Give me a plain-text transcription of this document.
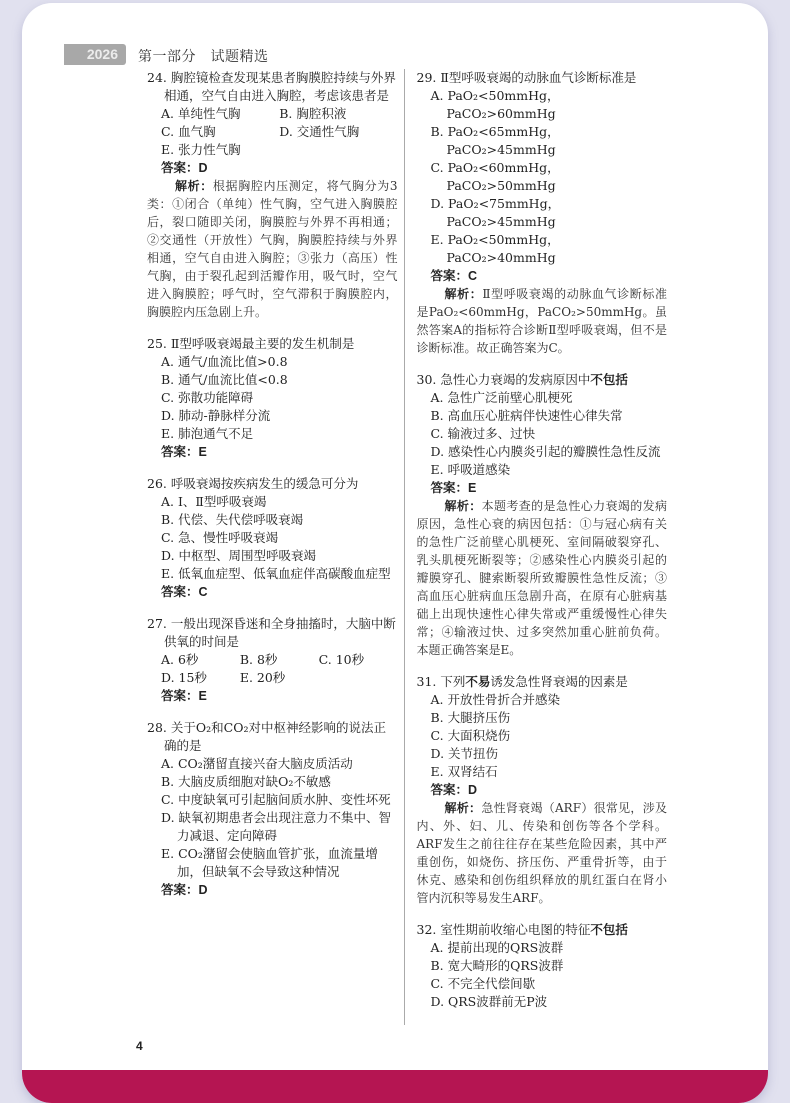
2026	第一部分　试题精选
24. 胸腔镜检查发现某患者胸膜腔持续与外界相通，空气自由进入胸腔，考虑该患者是
A. 单纯性气胸	B. 胸腔积液
C. 血气胸	D. 交通性气胸
E. 张力性气胸
答案：D
解析：根据胸腔内压测定，将气胸分为3类：①闭合（单纯）性气胸，空气进入胸膜腔后，裂口随即关闭，胸膜腔与外界不再相通；②交通性（开放性）气胸，胸膜腔持续与外界相通，空气自由进入胸腔；③张力（高压）性气胸，由于裂孔起到活瓣作用，吸气时，空气进入胸膜腔；呼气时，空气滞积于胸膜腔内，胸膜腔内压急剧上升。
25. Ⅱ型呼吸衰竭最主要的发生机制是
A. 通气/血流比值>0.8
B. 通气/血流比值<0.8
C. 弥散功能障碍
D. 肺动-静脉样分流
E. 肺泡通气不足
答案：E
26. 呼吸衰竭按疾病发生的缓急可分为
A. Ⅰ、Ⅱ型呼吸衰竭
B. 代偿、失代偿呼吸衰竭
C. 急、慢性呼吸衰竭
D. 中枢型、周围型呼吸衰竭
E. 低氧血症型、低氧血症伴高碳酸血症型
答案：C
27. 一般出现深昏迷和全身抽搐时，大脑中断供氧的时间是
A. 6秒	B. 8秒	C. 10秒
D. 15秒	E. 20秒
答案：E
28. 关于O₂和CO₂对中枢神经影响的说法正确的是
A. CO₂潴留直接兴奋大脑皮质活动
B. 大脑皮质细胞对缺O₂不敏感
C. 中度缺氧可引起脑间质水肿、变性坏死
D. 缺氧初期患者会出现注意力不集中、智力减退、定向障碍
E. CO₂潴留会使脑血管扩张，血流量增加，但缺氧不会导致这种情况
答案：D
29. Ⅱ型呼吸衰竭的动脉血气诊断标准是
A. PaO₂<50mmHg，PaCO₂>60mmHg
B. PaO₂<65mmHg，PaCO₂>45mmHg
C. PaO₂<60mmHg，PaCO₂>50mmHg
D. PaO₂<75mmHg，PaCO₂>45mmHg
E. PaO₂<50mmHg，PaCO₂>40mmHg
答案：C
解析：Ⅱ型呼吸衰竭的动脉血气诊断标准是PaO₂<60mmHg，PaCO₂>50mmHg。虽然答案A的指标符合诊断Ⅱ型呼吸衰竭，但不是诊断标准。故正确答案为C。
30. 急性心力衰竭的发病原因中不包括
A. 急性广泛前壁心肌梗死
B. 高血压心脏病伴快速性心律失常
C. 输液过多、过快
D. 感染性心内膜炎引起的瓣膜性急性反流
E. 呼吸道感染
答案：E
解析：本题考查的是急性心力衰竭的发病原因，急性心衰的病因包括：①与冠心病有关的急性广泛前壁心肌梗死、室间隔破裂穿孔、乳头肌梗死断裂等；②感染性心内膜炎引起的瓣膜穿孔、腱索断裂所致瓣膜性急性反流；③高血压心脏病血压急剧升高，在原有心脏病基础上出现快速性心律失常或严重缓慢性心律失常；④输液过快、过多突然加重心脏前负荷。本题正确答案是E。
31. 下列不易诱发急性肾衰竭的因素是
A. 开放性骨折合并感染
B. 大腿挤压伤
C. 大面积烧伤
D. 关节扭伤
E. 双肾结石
答案：D
解析：急性肾衰竭（ARF）很常见，涉及内、外、妇、儿、传染和创伤等各个学科。ARF发生之前往往存在某些危险因素，其中严重创伤，如烧伤、挤压伤、严重骨折等，由于休克、感染和创伤组织释放的肌红蛋白在肾小管内沉积等易发生ARF。
32. 室性期前收缩心电图的特征不包括
A. 提前出现的QRS波群
B. 宽大畸形的QRS波群
C. 不完全代偿间歇
D. QRS波群前无P波
4
